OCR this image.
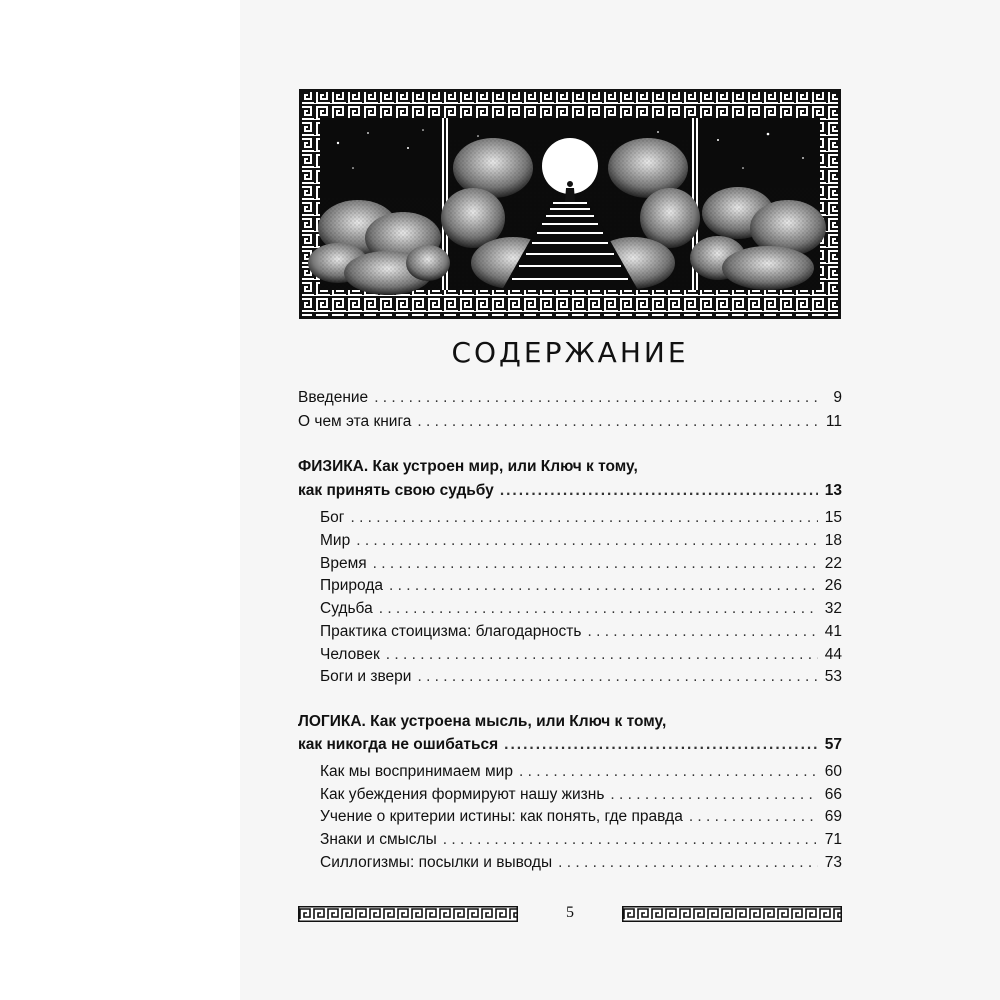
СОДЕРЖАНИЕ
Введение . . .	9
О чем эта книга . . .	11
ФИЗИКА. Как устроен мир, или Ключ к тому,
как принять свою судьбу .....	13
Бог . . .	15
Мир . . .	18
Время . . .	22
Природа . . .	26
Судьба . . .	32
Практика стоицизма: благодарность . . .	41
Человек . . .	44
Боги и звери . . .	53
ЛОГИКА. Как устроена мысль, или Ключ к тому,
как никогда не ошибаться .....	57
Как мы воспринимаем мир . . .	60
Как убеждения формируют нашу жизнь . . .	66
Учение о критерии истины: как понять, где правда . . .	69
Знаки и смыслы . . .	71
Силлогизмы: посылки и выводы . . .	73
5
